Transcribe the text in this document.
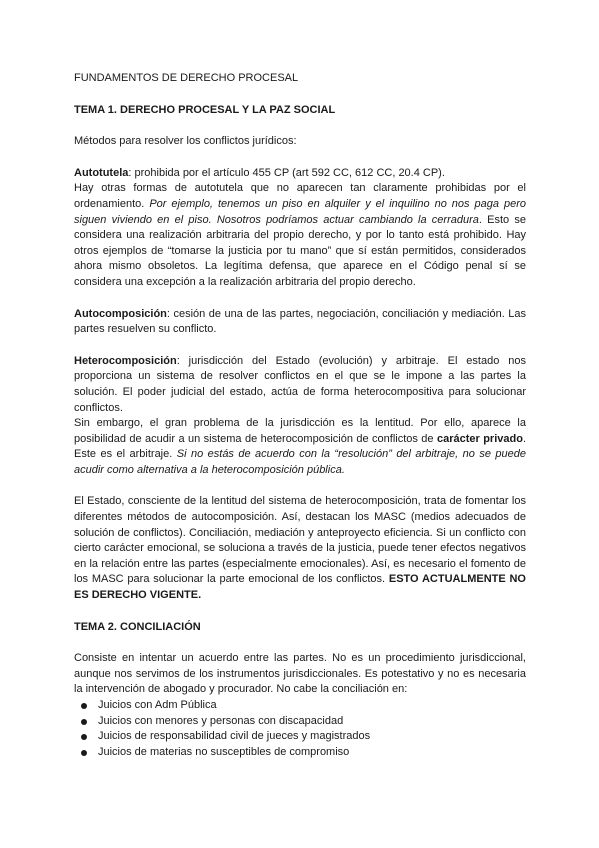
FUNDAMENTOS DE DERECHO PROCESAL

TEMA 1. DERECHO PROCESAL Y LA PAZ SOCIAL

Métodos para resolver los conflictos jurídicos:

Autotutela: prohibida por el artículo 455 CP (art 592 CC, 612 CC, 20.4 CP).

Hay otras formas de autotutela que no aparecen tan claramente prohibidas por el ordenamiento. Por ejemplo, tenemos un piso en alquiler y el inquilino no nos paga pero siguen viviendo en el piso. Nosotros podríamos actuar cambiando la cerradura. Esto se considera una realización arbitraria del propio derecho, y por lo tanto está prohibido. Hay otros ejemplos de “tomarse la justicia por tu mano” que sí están permitidos, considerados ahora mismo obsoletos. La legítima defensa, que aparece en el Código penal sí se considera una excepción a la realización arbitraria del propio derecho.

Autocomposición: cesión de una de las partes, negociación, conciliación y mediación. Las partes resuelven su conflicto.

Heterocomposición: jurisdicción del Estado (evolución) y arbitraje. El estado nos proporciona un sistema de resolver conflictos en el que se le impone a las partes la solución. El poder judicial del estado, actúa de forma heterocompositiva para solucionar conflictos.

Sin embargo, el gran problema de la jurisdicción es la lentitud. Por ello, aparece la posibilidad de acudir a un sistema de heterocomposición de conflictos de carácter privado. Este es el arbitraje. Si no estás de acuerdo con la “resolución” del arbitraje, no se puede acudir como alternativa a la heterocomposición pública.

El Estado, consciente de la lentitud del sistema de heterocomposición, trata de fomentar los diferentes métodos de autocomposición. Así, destacan los MASC (medios adecuados de solución de conflictos). Conciliación, mediación y anteproyecto eficiencia. Si un conflicto con cierto carácter emocional, se soluciona a través de la justicia, puede tener efectos negativos en la relación entre las partes (especialmente emocionales). Así, es necesario el fomento de los MASC para solucionar la parte emocional de los conflictos. ESTO ACTUALMENTE NO ES DERECHO VIGENTE.

TEMA 2. CONCILIACIÓN

Consiste en intentar un acuerdo entre las partes. No es un procedimiento jurisdiccional, aunque nos servimos de los instrumentos jurisdiccionales. Es potestativo y no es necesaria la intervención de abogado y procurador. No cabe la conciliación en:

Juicios con Adm Pública
Juicios con menores y personas con discapacidad
Juicios de responsabilidad civil de jueces y magistrados
Juicios de materias no susceptibles de compromiso
